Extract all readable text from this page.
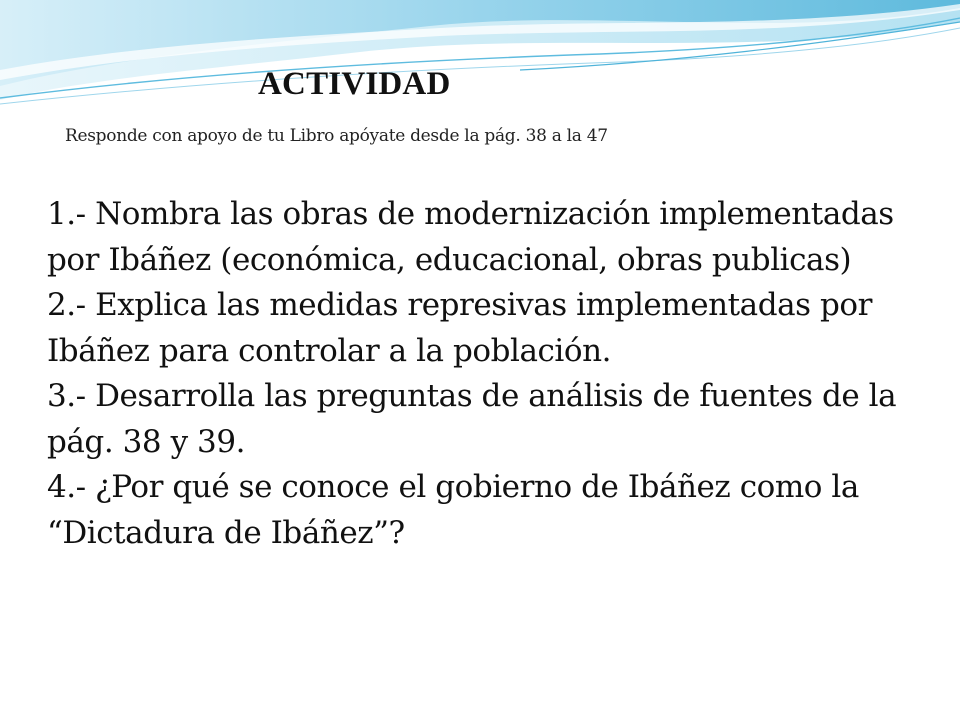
ACTIVIDAD

Responde con apoyo de tu Libro apóyate desde la pág. 38 a la 47

1.- Nombra las obras de modernización implementadas por Ibáñez (económica, educacional, obras publicas)
2.- Explica las medidas represivas implementadas por Ibáñez para controlar a la población.
3.- Desarrolla las preguntas de análisis de fuentes de la pág. 38 y 39.
4.- ¿Por qué se conoce el gobierno de Ibáñez como la “Dictadura de Ibáñez”?
